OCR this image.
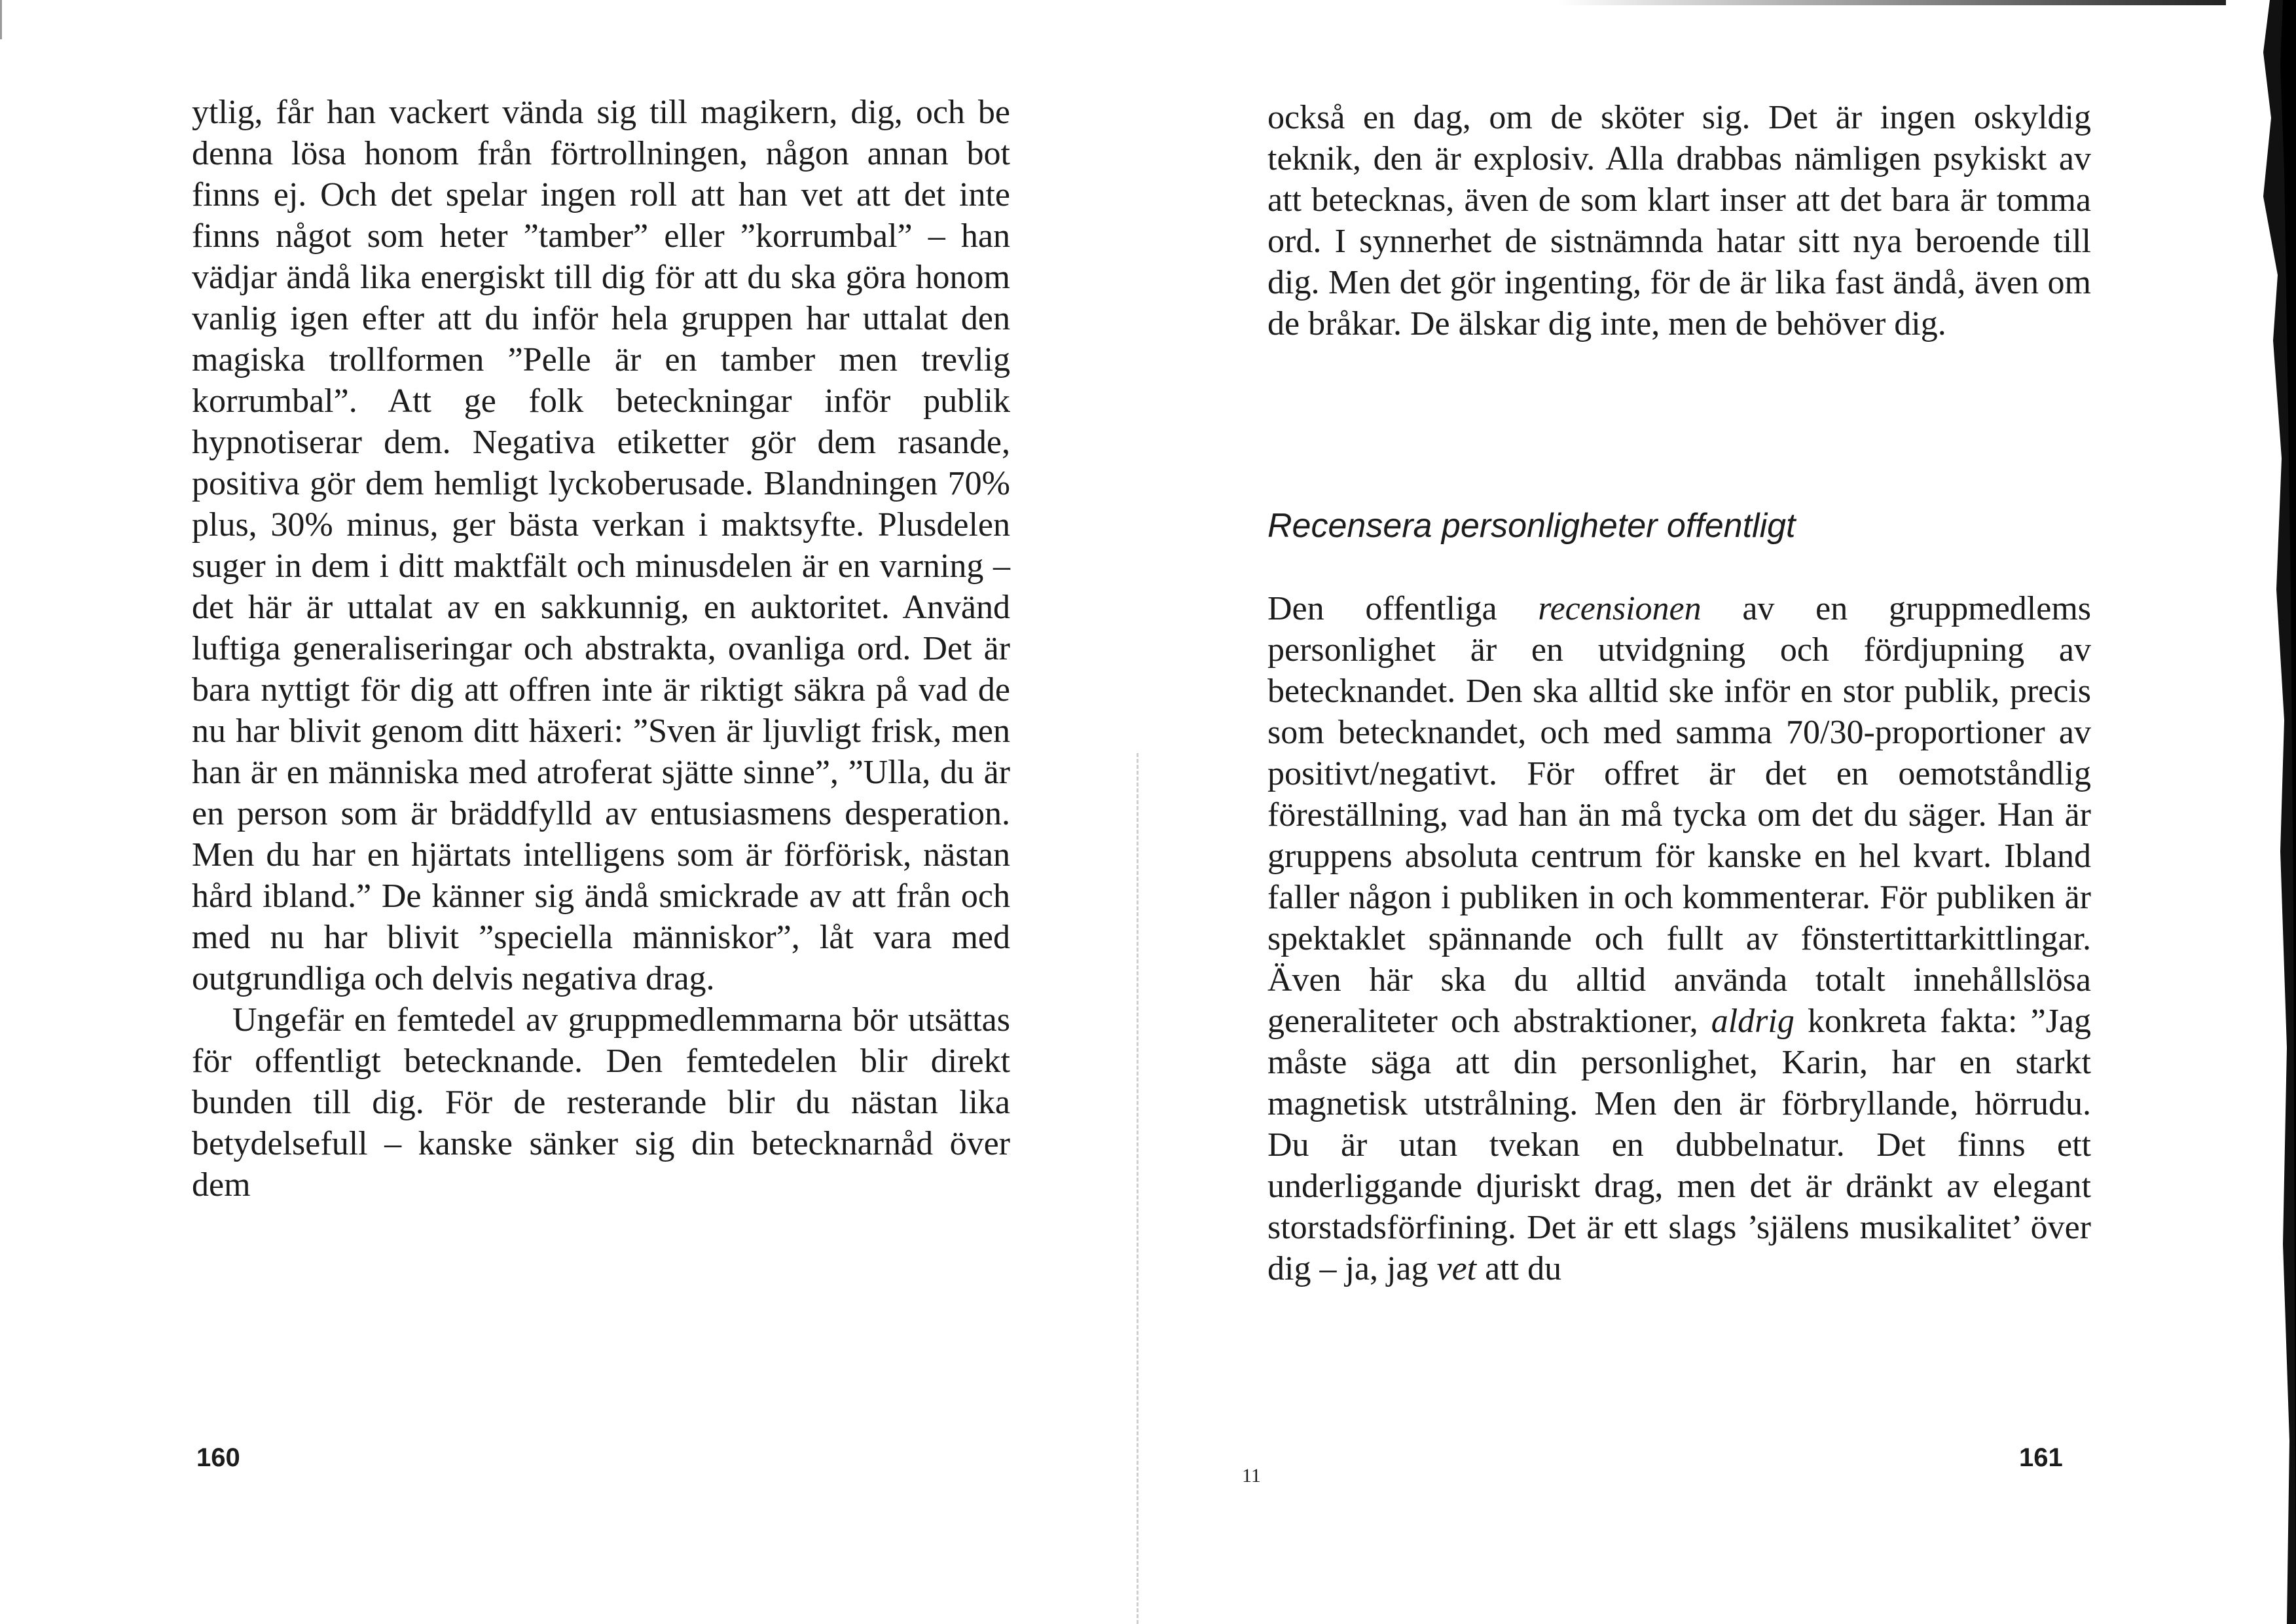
ytlig, får han vackert vända sig till magikern, dig, och be denna lösa honom från förtrollningen, någon annan bot finns ej. Och det spelar ingen roll att han vet att det inte finns något som heter ”tamber” eller ”korrumbal” – han vädjar ändå lika energiskt till dig för att du ska göra honom vanlig igen efter att du inför hela gruppen har uttalat den magiska trollformen ”Pelle är en tamber men trevlig korrumbal”. Att ge folk beteckningar inför publik hypnotiserar dem. Negativa etiketter gör dem rasande, positiva gör dem hemligt lyckoberusade. Blandningen 70% plus, 30% minus, ger bästa verkan i maktsyfte. Plusdelen suger in dem i ditt maktfält och minusdelen är en varning – det här är uttalat av en sakkunnig, en auktoritet. Använd luftiga generaliseringar och abstrakta, ovanliga ord. Det är bara nyttigt för dig att offren inte är riktigt säkra på vad de nu har blivit genom ditt häxeri: ”Sven är ljuvligt frisk, men han är en människa med atroferat sjätte sinne”, ”Ulla, du är en person som är bräddfylld av entusiasmens desperation. Men du har en hjärtats intelligens som är förförisk, nästan hård ibland.” De känner sig ändå smickrade av att från och med nu har blivit ”speciella människor”, låt vara med outgrundliga och delvis negativa drag.

Ungefär en femtedel av gruppmedlemmarna bör utsättas för offentligt betecknande. Den femtedelen blir direkt bunden till dig. För de resterande blir du nästan lika betydelsefull – kanske sänker sig din betecknarnåd över dem

160

också en dag, om de sköter sig. Det är ingen oskyldig teknik, den är explosiv. Alla drabbas nämligen psykiskt av att betecknas, även de som klart inser att det bara är tomma ord. I synnerhet de sistnämnda hatar sitt nya beroende till dig. Men det gör ingenting, för de är lika fast ändå, även om de bråkar. De älskar dig inte, men de behöver dig.

Recensera personligheter offentligt

Den offentliga recensionen av en gruppmedlems personlighet är en utvidgning och fördjupning av betecknandet. Den ska alltid ske inför en stor publik, precis som betecknandet, och med samma 70/30-proportioner av positivt/negativt. För offret är det en oemotståndlig föreställning, vad han än må tycka om det du säger. Han är gruppens absoluta centrum för kanske en hel kvart. Ibland faller någon i publiken in och kommenterar. För publiken är spektaklet spännande och fullt av fönstertittarkittlingar. Även här ska du alltid använda totalt innehållslösa generaliteter och abstraktioner, aldrig konkreta fakta: ”Jag måste säga att din personlighet, Karin, har en starkt magnetisk utstrålning. Men den är förbryllande, hörrudu. Du är utan tvekan en dubbelnatur. Det finns ett underliggande djuriskt drag, men det är dränkt av elegant storstadsförfining. Det är ett slags ’själens musikalitet’ över dig – ja, jag vet att du

11
161
